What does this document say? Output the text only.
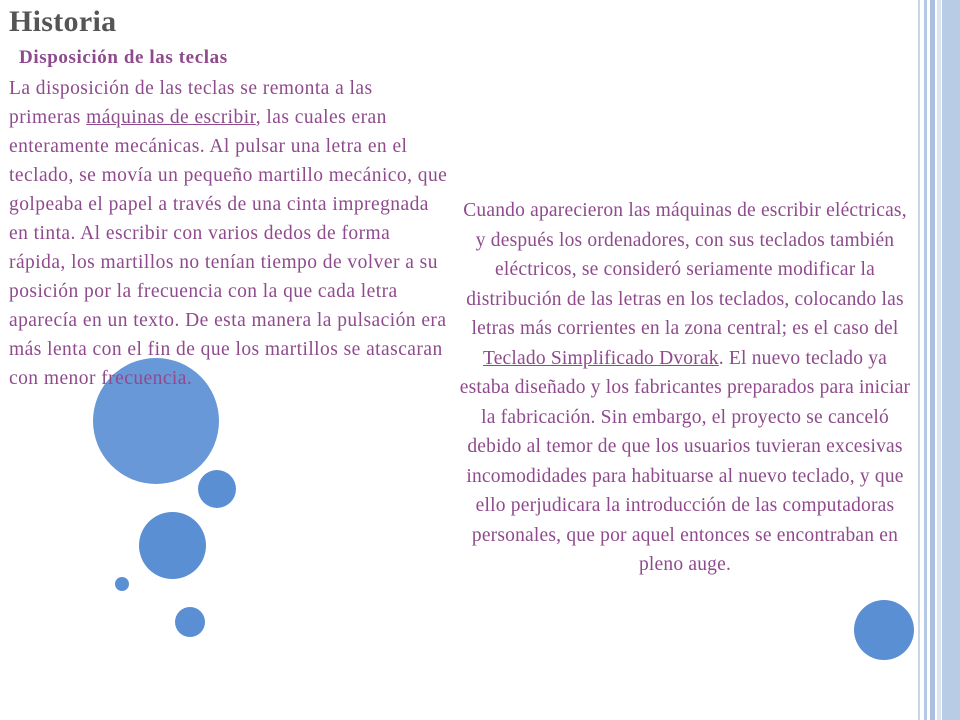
Historia
Disposición de las teclas

La disposición de las teclas se remonta a las primeras máquinas de escribir, las cuales eran enteramente mecánicas. Al pulsar una letra en el teclado, se movía un pequeño martillo mecánico, que golpeaba el papel a través de una cinta impregnada en tinta. Al escribir con varios dedos de forma rápida, los martillos no tenían tiempo de volver a su posición por la frecuencia con la que cada letra aparecía en un texto. De esta manera la pulsación era más lenta con el fin de que los martillos se atascaran con menor frecuencia.

Cuando aparecieron las máquinas de escribir eléctricas, y después los ordenadores, con sus teclados también eléctricos, se consideró seriamente modificar la distribución de las letras en los teclados, colocando las letras más corrientes en la zona central; es el caso del Teclado Simplificado Dvorak. El nuevo teclado ya estaba diseñado y los fabricantes preparados para iniciar la fabricación. Sin embargo, el proyecto se canceló debido al temor de que los usuarios tuvieran excesivas incomodidades para habituarse al nuevo teclado, y que ello perjudicara la introducción de las computadoras personales, que por aquel entonces se encontraban en pleno auge.
